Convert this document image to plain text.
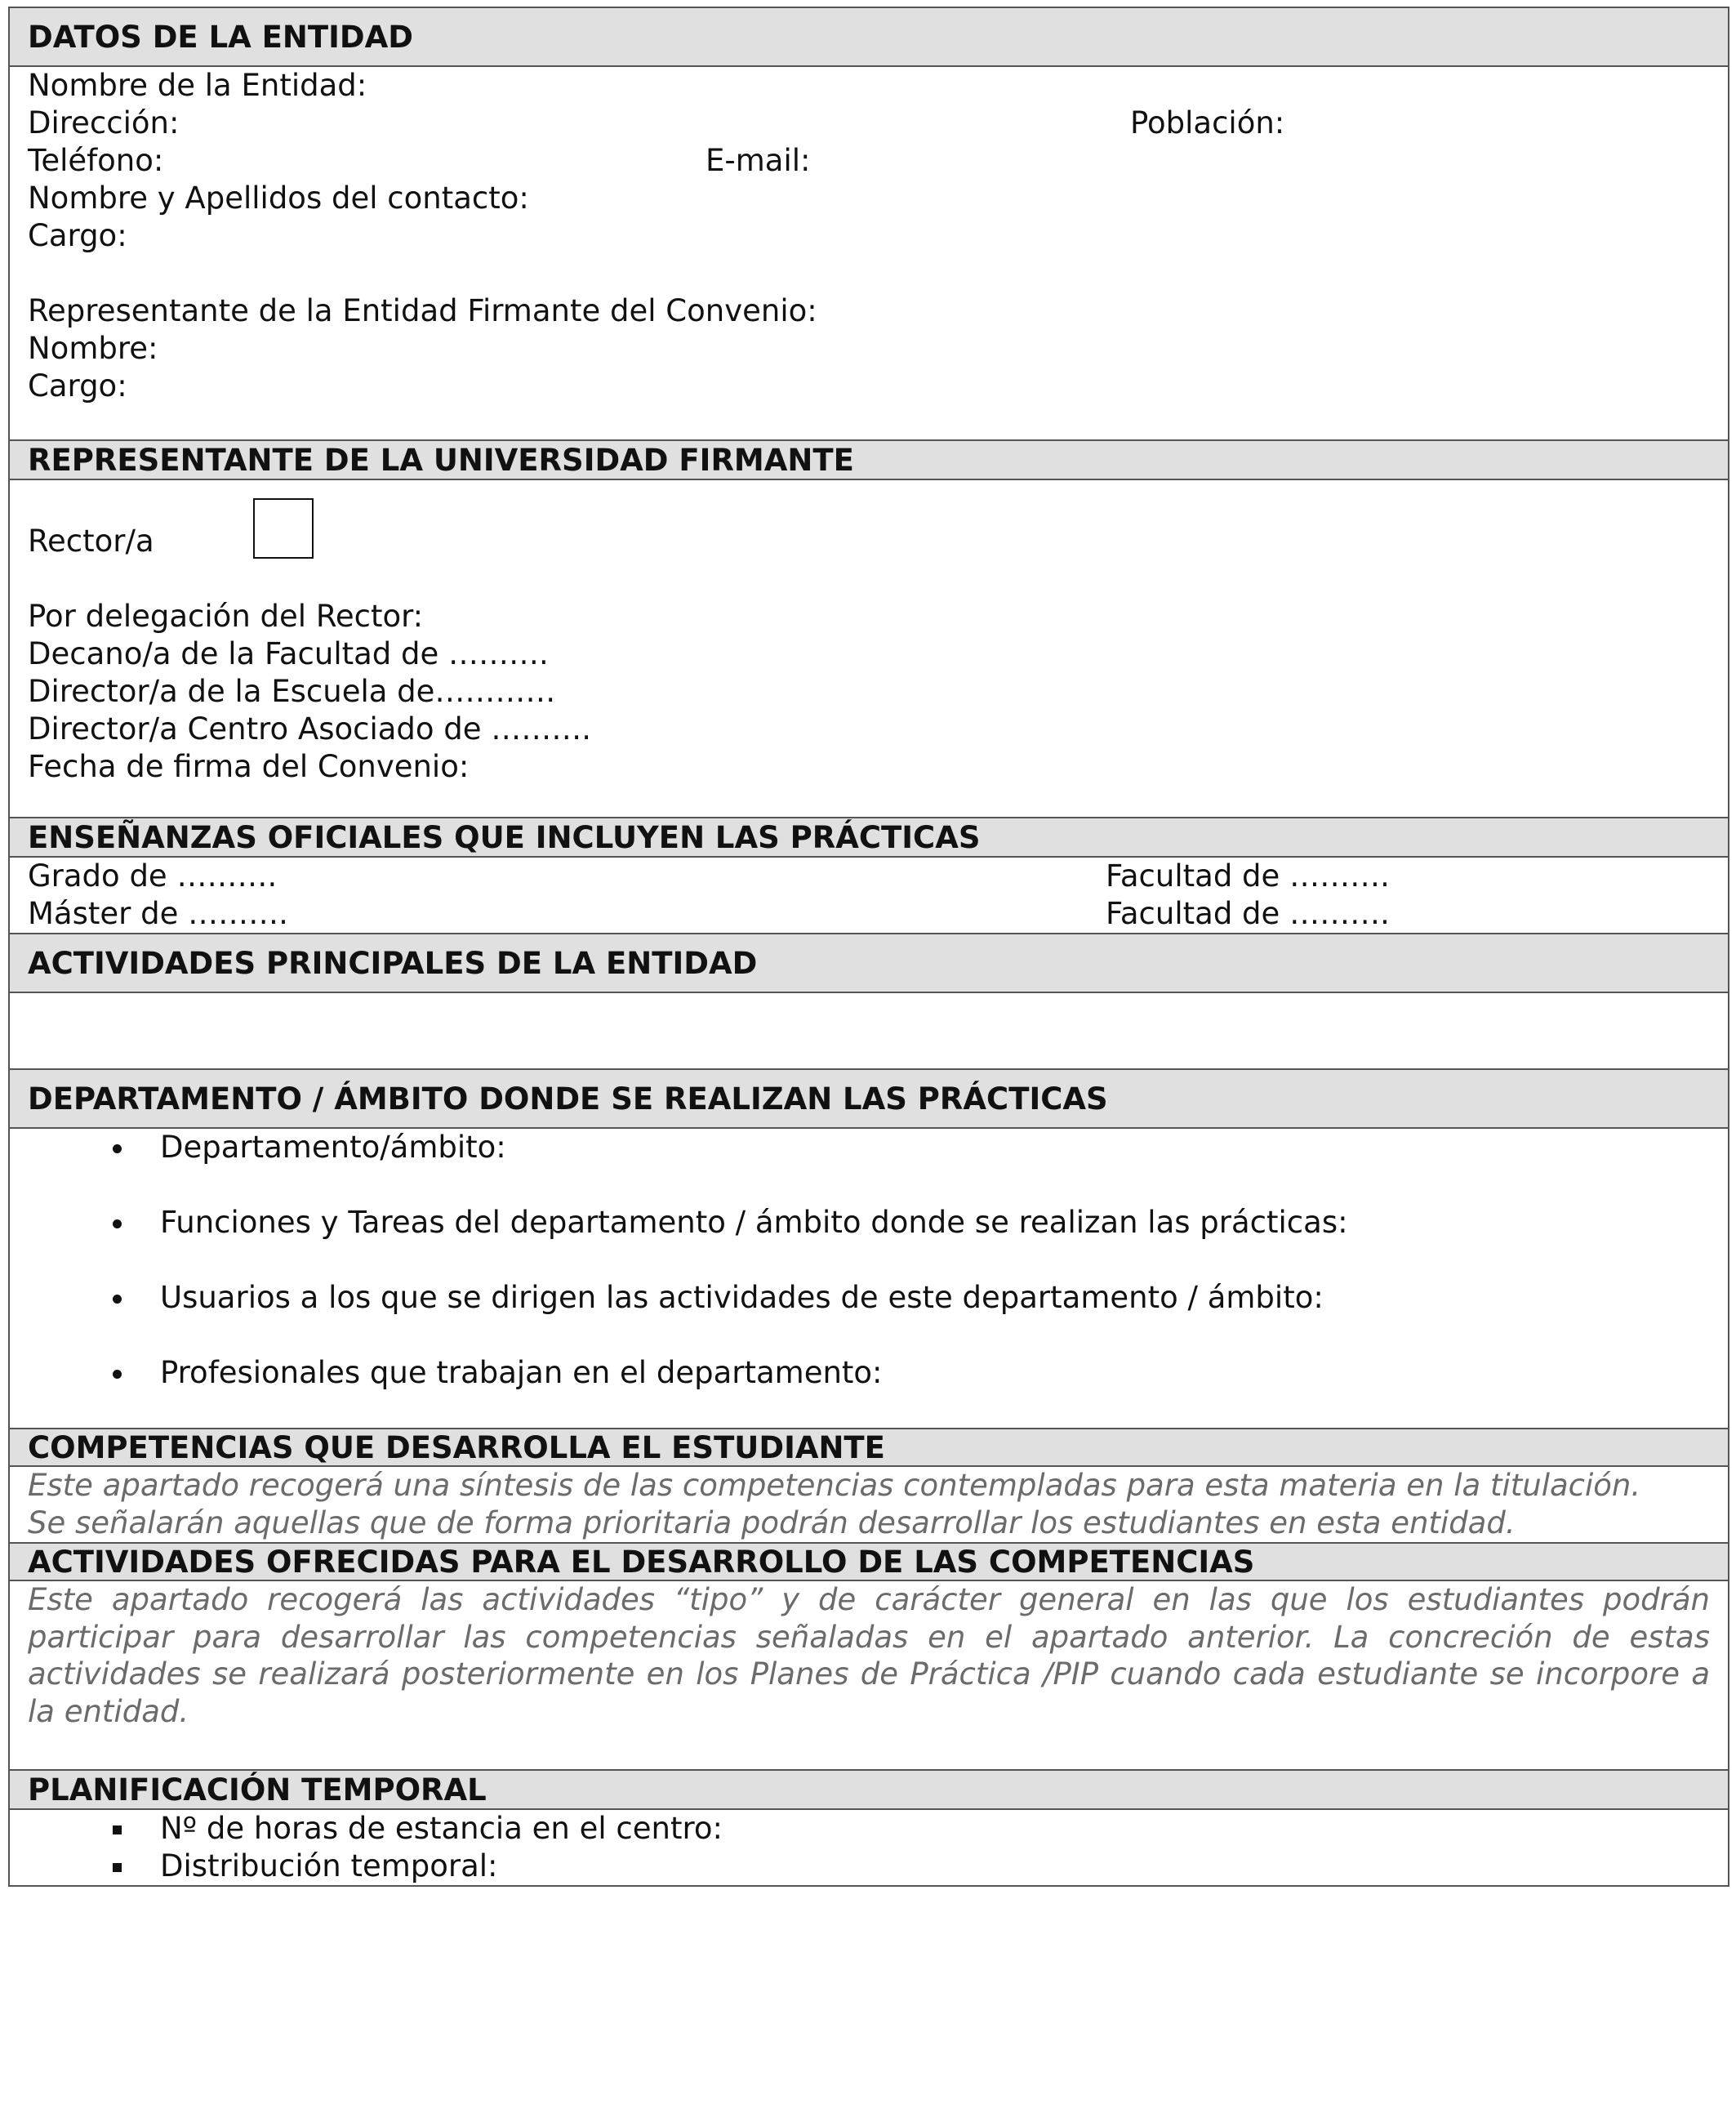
DATOS DE LA ENTIDAD
Nombre de la Entidad:
Dirección:	Población:
Teléfono:	E-mail:
Nombre y Apellidos del contacto:
Cargo:
Representante de la Entidad Firmante del Convenio:
Nombre:
Cargo:
REPRESENTANTE DE LA UNIVERSIDAD FIRMANTE
Rector/a
Por delegación del Rector:
Decano/a de la Facultad de ……….
Director/a de la Escuela de…………
Director/a Centro Asociado de ……….
Fecha de firma del Convenio:
ENSEÑANZAS OFICIALES QUE INCLUYEN LAS PRÁCTICAS
Grado de ……….	Facultad de ……….
Máster de ……….	Facultad de ……….
ACTIVIDADES PRINCIPALES DE LA ENTIDAD
DEPARTAMENTO / ÁMBITO DONDE SE REALIZAN LAS PRÁCTICAS
Departamento/ámbito:
Funciones y Tareas del departamento / ámbito donde se realizan las prácticas:
Usuarios a los que se dirigen las actividades de este departamento / ámbito:
Profesionales que trabajan en el departamento:
COMPETENCIAS QUE DESARROLLA EL ESTUDIANTE
Este apartado recogerá una síntesis de las competencias contempladas para esta materia en la titulación.
Se señalarán aquellas que de forma prioritaria podrán desarrollar los estudiantes en esta entidad.
ACTIVIDADES OFRECIDAS PARA EL DESARROLLO DE LAS COMPETENCIAS
Este apartado recogerá las actividades “tipo” y de carácter general en las que los estudiantes podrán participar para desarrollar las competencias señaladas en el apartado anterior. La concreción de estas actividades se realizará posteriormente en los Planes de Práctica /PIP cuando cada estudiante se incorpore a la entidad.
PLANIFICACIÓN TEMPORAL
Nº de horas de estancia en el centro:
Distribución temporal:
